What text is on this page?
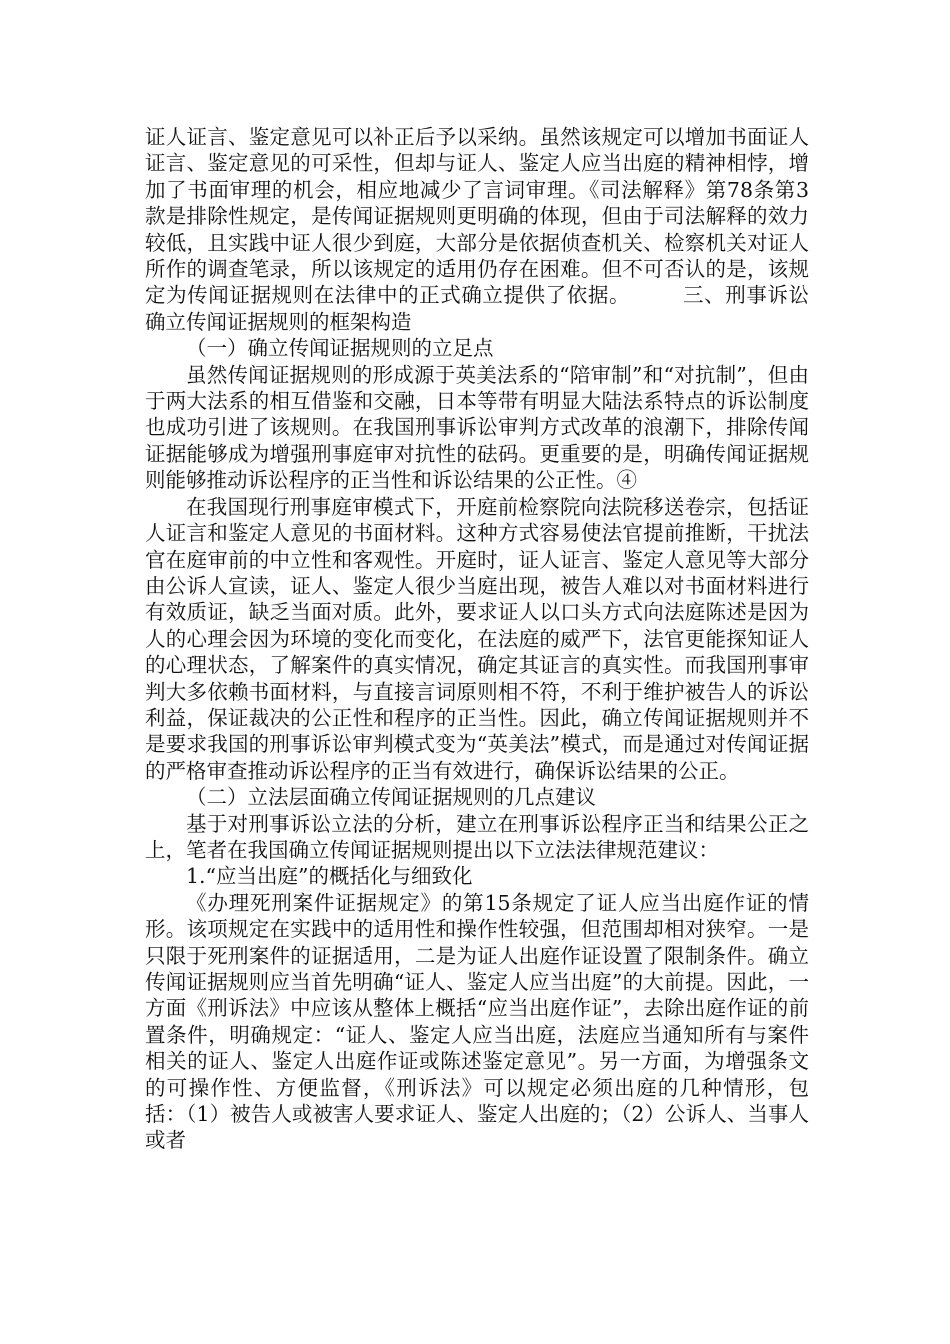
证人证言、鉴定意见可以补正后予以采纳。虽然该规定可以增加书面证人证言、鉴定意见的可采性，但却与证人、鉴定人应当出庭的精神相悖，增加了书面审理的机会，相应地减少了言词审理。《司法解释》第78条第3款是排除性规定，是传闻证据规则更明确的体现，但由于司法解释的效力较低，且实践中证人很少到庭，大部分是依据侦查机关、检察机关对证人所作的调查笔录，所以该规定的适用仍存在困难。但不可否认的是，该规定为传闻证据规则在法律中的正式确立提供了依据。　　　三、刑事诉讼确立传闻证据规则的框架构造

（一）确立传闻证据规则的立足点

虽然传闻证据规则的形成源于英美法系的“陪审制”和“对抗制”，但由于两大法系的相互借鉴和交融，日本等带有明显大陆法系特点的诉讼制度也成功引进了该规则。在我国刑事诉讼审判方式改革的浪潮下，排除传闻证据能够成为增强刑事庭审对抗性的砝码。更重要的是，明确传闻证据规则能够推动诉讼程序的正当性和诉讼结果的公正性。④

在我国现行刑事庭审模式下，开庭前检察院向法院移送卷宗，包括证人证言和鉴定人意见的书面材料。这种方式容易使法官提前推断，干扰法官在庭审前的中立性和客观性。开庭时，证人证言、鉴定人意见等大部分由公诉人宣读，证人、鉴定人很少当庭出现，被告人难以对书面材料进行有效质证，缺乏当面对质。此外，要求证人以口头方式向法庭陈述是因为人的心理会因为环境的变化而变化，在法庭的威严下，法官更能探知证人的心理状态，了解案件的真实情况，确定其证言的真实性。而我国刑事审判大多依赖书面材料，与直接言词原则相不符，不利于维护被告人的诉讼利益，保证裁决的公正性和程序的正当性。因此，确立传闻证据规则并不是要求我国的刑事诉讼审判模式变为“英美法”模式，而是通过对传闻证据的严格审查推动诉讼程序的正当有效进行，确保诉讼结果的公正。

（二）立法层面确立传闻证据规则的几点建议

基于对刑事诉讼立法的分析，建立在刑事诉讼程序正当和结果公正之上，笔者在我国确立传闻证据规则提出以下立法法律规范建议：

1.“应当出庭”的概括化与细致化

《办理死刑案件证据规定》的第15条规定了证人应当出庭作证的情形。该项规定在实践中的适用性和操作性较强，但范围却相对狭窄。一是只限于死刑案件的证据适用，二是为证人出庭作证设置了限制条件。确立传闻证据规则应当首先明确“证人、鉴定人应当出庭”的大前提。因此，一方面《刑诉法》中应该从整体上概括“应当出庭作证”，去除出庭作证的前置条件，明确规定：“证人、鉴定人应当出庭，法庭应当通知所有与案件相关的证人、鉴定人出庭作证或陈述鉴定意见”。另一方面，为增强条文的可操作性、方便监督，《刑诉法》可以规定必须出庭的几种情形，包括：（1）被告人或被害人要求证人、鉴定人出庭的；（2）公诉人、当事人或者
